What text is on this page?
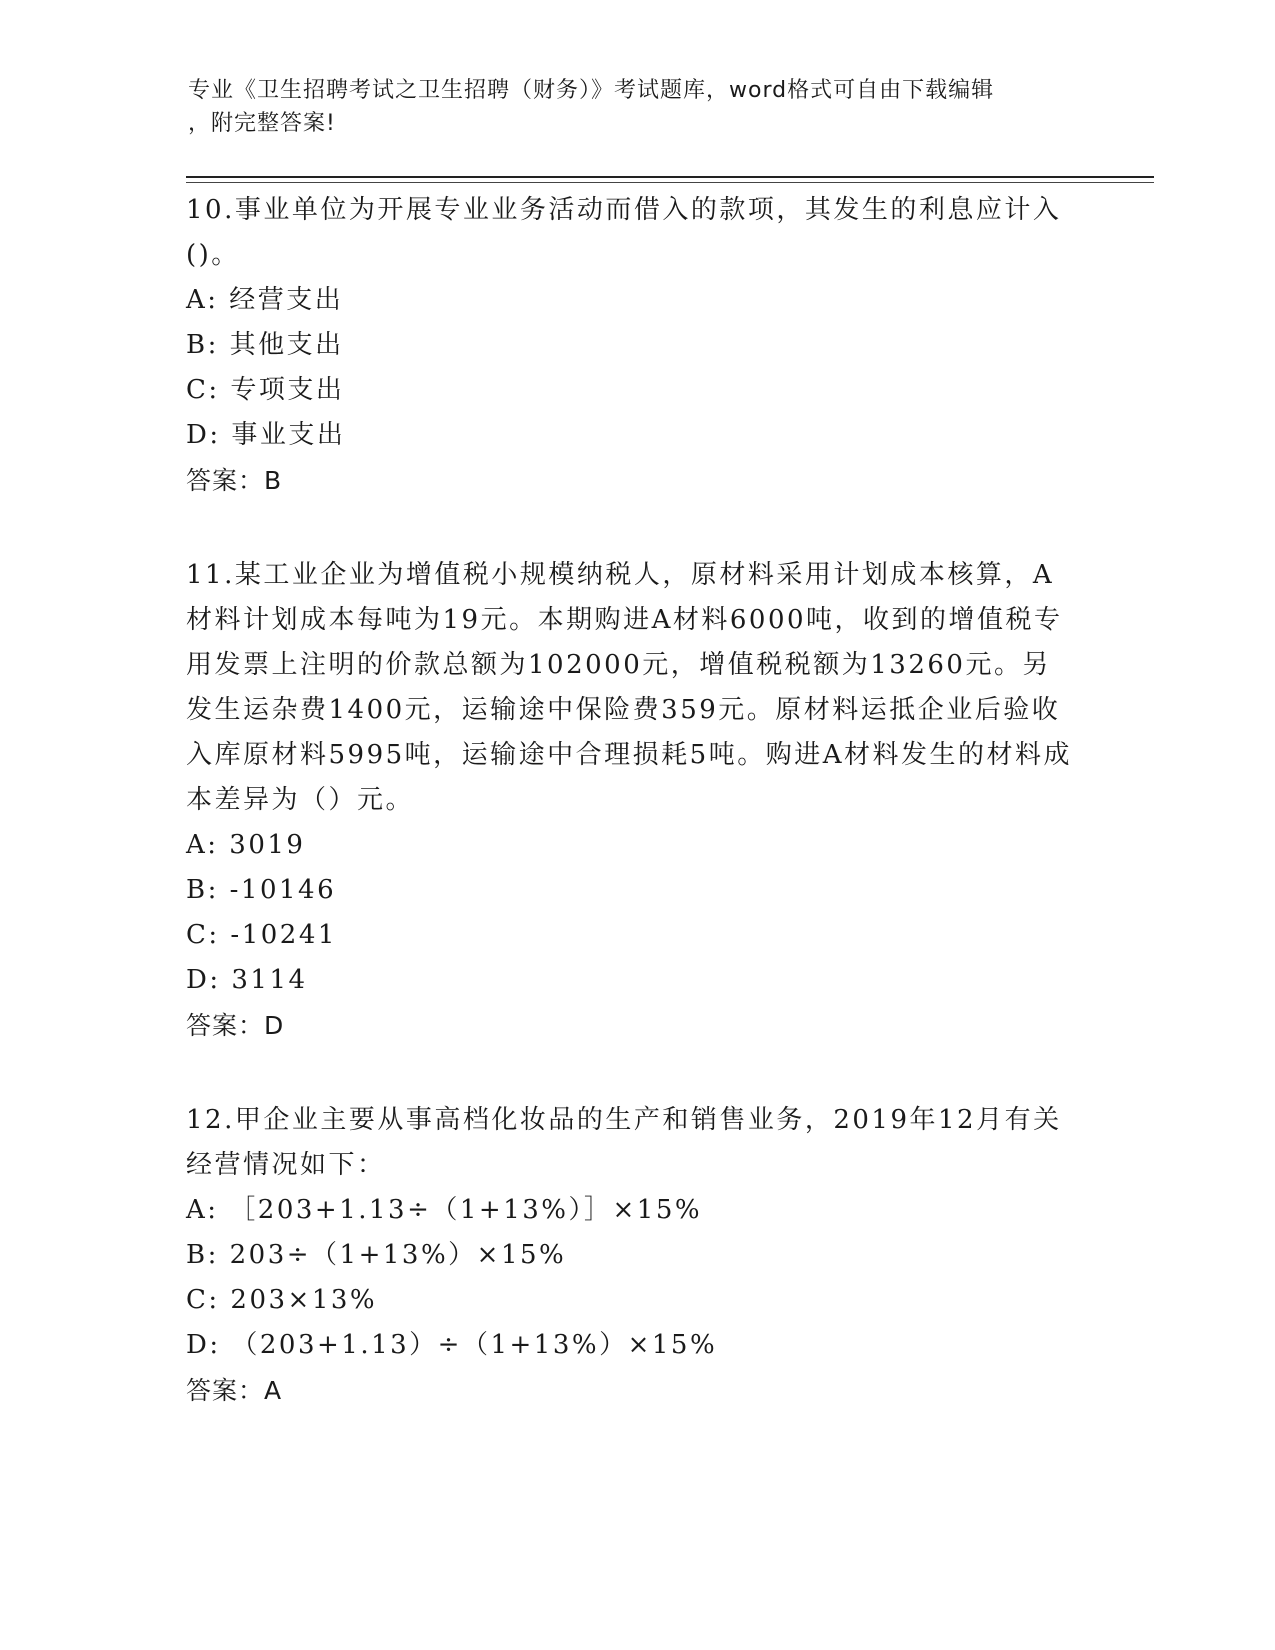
专业《卫生招聘考试之卫生招聘（财务）》考试题库，word格式可自由下载编辑
，附完整答案!

10.事业单位为开展专业业务活动而借入的款项，其发生的利息应计入()。

A: 经营支出

B: 其他支出

C: 专项支出

D: 事业支出

答案：B

11.某工业企业为增值税小规模纳税人，原材料采用计划成本核算，A材料计划成本每吨为19元。本期购进A材料6000吨，收到的增值税专用发票上注明的价款总额为102000元，增值税税额为13260元。另发生运杂费1400元，运输途中保险费359元。原材料运抵企业后验收入库原材料5995吨，运输途中合理损耗5吨。购进A材料发生的材料成本差异为（）元。

A: 3019

B: -10146

C: -10241

D: 3114

答案：D

12.甲企业主要从事高档化妆品的生产和销售业务，2019年12月有关经营情况如下：

A: ［203+1.13÷（1+13%）］×15%

B: 203÷（1+13%）×15%

C: 203×13%

D: （203+1.13）÷（1+13%）×15%

答案：A
